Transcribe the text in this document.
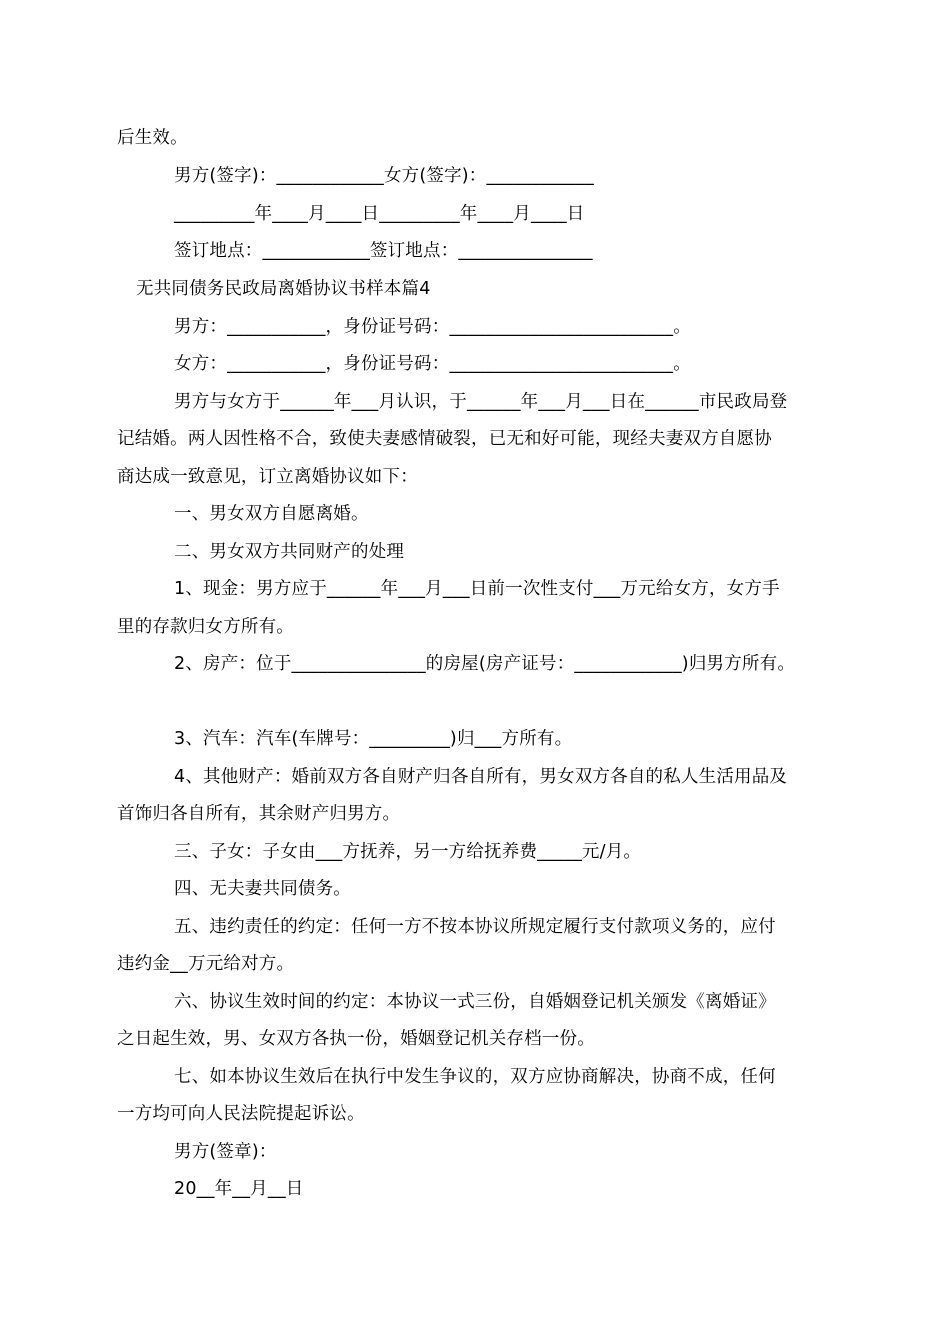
后生效。
男方(签字)：____________女方(签字)：____________
_________年____月____日_________年____月____日
签订地点：____________签订地点：_______________
无共同债务民政局离婚协议书样本篇4
男方：___________，身份证号码：_________________________。
女方：___________，身份证号码：_________________________。
男方与女方于______年___月认识，于______年___月___日在______市民政局登
记结婚。两人因性格不合，致使夫妻感情破裂，已无和好可能，现经夫妻双方自愿协
商达成一致意见，订立离婚协议如下：
一、男女双方自愿离婚。
二、男女双方共同财产的处理
1、现金：男方应于______年___月___日前一次性支付___万元给女方，女方手
里的存款归女方所有。
2、房产：位于_______________的房屋(房产证号：____________)归男方所有。
3、汽车：汽车(车牌号：_________)归___方所有。
4、其他财产：婚前双方各自财产归各自所有，男女双方各自的私人生活用品及
首饰归各自所有，其余财产归男方。
三、子女：子女由___方抚养，另一方给抚养费_____元/月。
四、无夫妻共同债务。
五、违约责任的约定：任何一方不按本协议所规定履行支付款项义务的，应付
违约金__万元给对方。
六、协议生效时间的约定：本协议一式三份，自婚姻登记机关颁发《离婚证》
之日起生效，男、女双方各执一份，婚姻登记机关存档一份。
七、如本协议生效后在执行中发生争议的，双方应协商解决，协商不成，任何
一方均可向人民法院提起诉讼。
男方(签章)：
20__年__月__日
